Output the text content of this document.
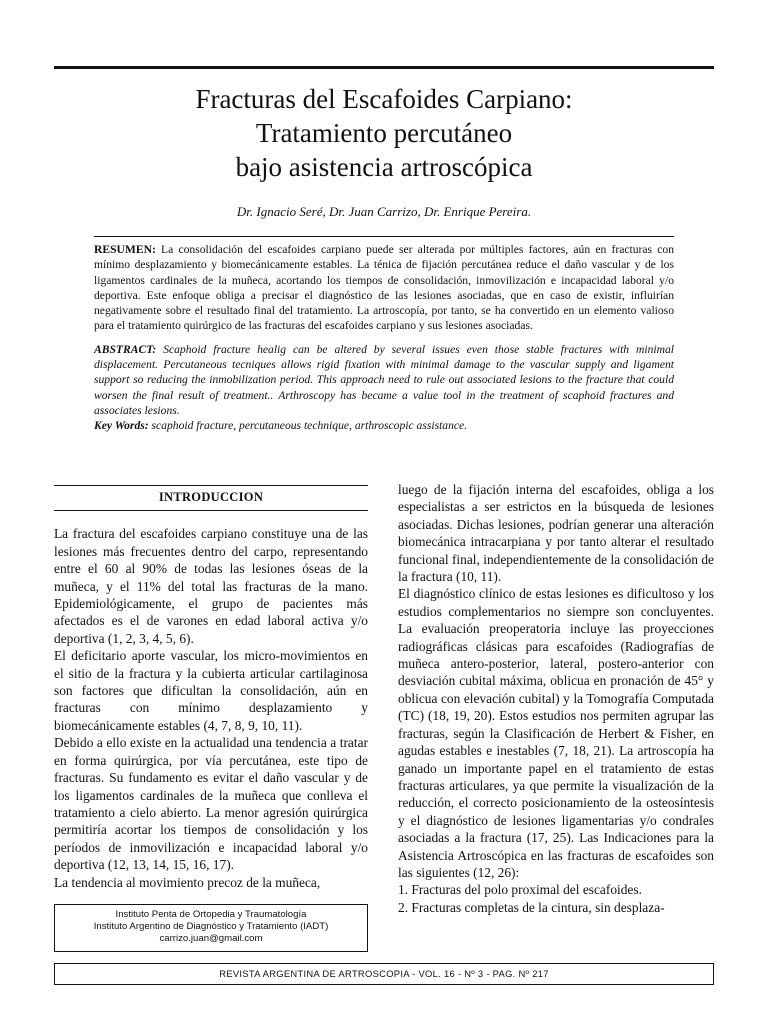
Fracturas del Escafoides Carpiano:
Tratamiento percutáneo
bajo asistencia artroscópica
Dr. Ignacio Seré, Dr. Juan Carrizo, Dr. Enrique Pereira.

RESUMEN: La consolidación del escafoides carpiano puede ser alterada por múltiples factores, aún en fracturas con mínimo desplazamiento y biomecánicamente estables. La ténica de fijación percutánea reduce el daño vascular y de los ligamentos cardinales de la muñeca, acortando los tiempos de consolidación, inmovilización e incapacidad laboral y/o deportiva. Este enfoque obliga a precisar el diagnóstico de las lesiones asociadas, que en caso de existir, influirían negativamente sobre el resultado final del tratamiento. La artroscopía, por tanto, se ha convertido en un elemento valioso para el tratamiento quirúrgico de las fracturas del escafoides carpiano y sus lesiones asociadas.

ABSTRACT: Scaphoid fracture healig can be altered by several issues even those stable fractures with minimal displacement. Percutaneous tecniques allows rigid fixation with minimal damage to the vascular supply and ligament support so reducing the inmobilization period. This approach need to rule out associated lesions to the fracture that could worsen the final result of treatment.. Arthroscopy has became a value tool in the treatment of scaphoid fractures and associates lesions.

Key Words: scaphoid fracture, percutaneous technique, arthroscopic assistance.

INTRODUCCION

La fractura del escafoides carpiano constituye una de las lesiones más frecuentes dentro del carpo, representando entre el 60 al 90% de todas las lesiones óseas de la muñeca, y el 11% del total las fracturas de la mano. Epidemiológicamente, el grupo de pacientes más afectados es el de varones en edad laboral activa y/o deportiva (1, 2, 3, 4, 5, 6).

El deficitario aporte vascular, los micro-movimientos en el sitio de la fractura y la cubierta articular cartilaginosa son factores que dificultan la consolidación, aún en fracturas con mínimo desplazamiento y biomecánicamente estables (4, 7, 8, 9, 10, 11).

Debido a ello existe en la actualidad una tendencia a tratar en forma quirúrgica, por vía percutánea, este tipo de fracturas. Su fundamento es evitar el daño vascular y de los ligamentos cardinales de la muñeca que conlleva el tratamiento a cielo abierto. La menor agresión quirúrgica permitiría acortar los tiempos de consolidación y los períodos de inmovilización e incapacidad laboral y/o deportiva (12, 13, 14, 15, 16, 17).

La tendencia al movimiento precoz de la muñeca,

luego de la fijación interna del escafoides, obliga a los especialistas a ser estrictos en la búsqueda de lesiones asociadas. Dichas lesiones, podrían generar una alteración biomecánica intracarpiana y por tanto alterar el resultado funcional final, independientemente de la consolidación de la fractura (10, 11).

El diagnóstico clínico de estas lesiones es dificultoso y los estudios complementarios no siempre son concluyentes. La evaluación preoperatoria incluye las proyecciones radiográficas clásicas para escafoides (Radiografías de muñeca antero-posterior, lateral, postero-anterior con desviación cubital máxima, oblicua en pronación de 45° y oblicua con elevación cubital) y la Tomografía Computada (TC) (18, 19, 20). Estos estudios nos permiten agrupar las fracturas, según la Clasificación de Herbert & Fisher, en agudas estables e inestables (7, 18, 21). La artroscopía ha ganado un importante papel en el tratamiento de estas fracturas articulares, ya que permite la visualización de la reducción, el correcto posicionamiento de la osteosíntesis y el diagnóstico de lesiones ligamentarias y/o condrales asociadas a la fractura (17, 25). Las Indicaciones para la Asistencia Artroscópica en las fracturas de escafoides son las siguientes (12, 26):

1. Fracturas del polo proximal del escafoides.

2. Fracturas completas de la cintura, sin desplaza-

Instituto Penta de Ortopedia y Traumatología
Instituto Argentino de Diagnóstico y Tratamiento (IADT)
carrizo.juan@gmail.com
REVISTA ARGENTINA DE ARTROSCOPIA - VOL. 16 - Nº 3 - PAG. Nº 217
